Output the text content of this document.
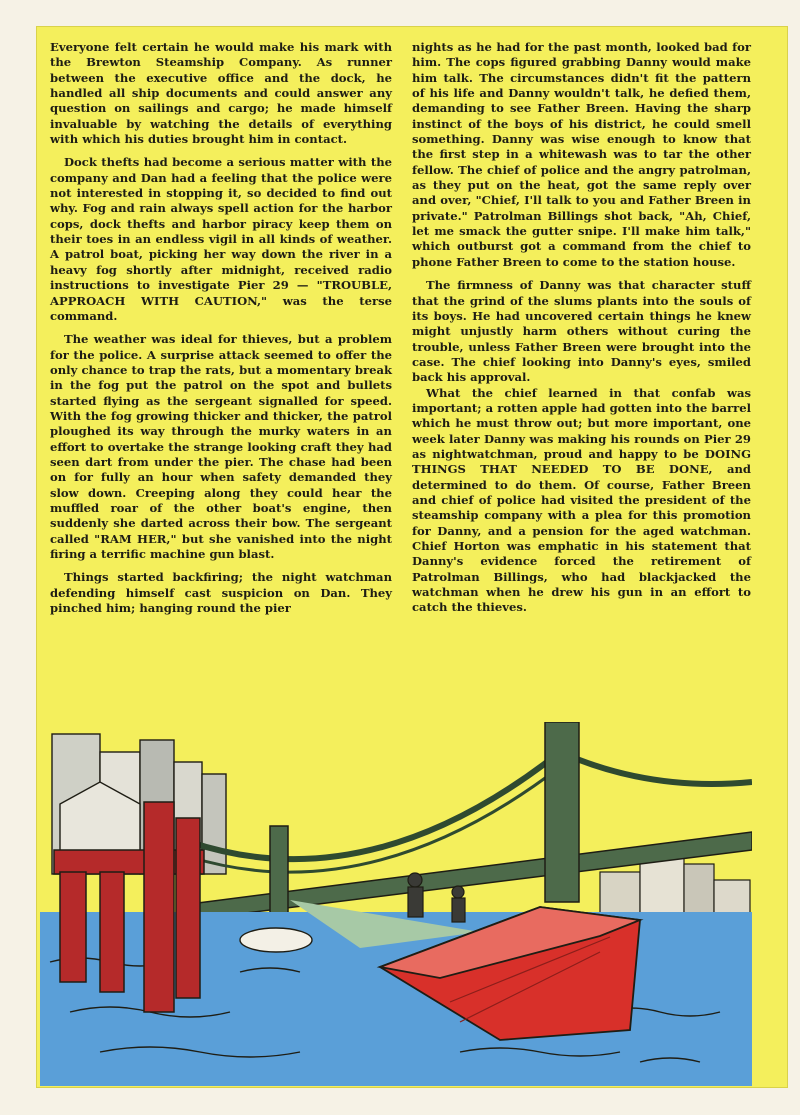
Everyone felt certain he would make his mark with the Brewton Steamship Company. As runner between the executive office and the dock, he handled all ship documents and could answer any question on sailings and cargo; he made himself invaluable by watching the details of everything with which his duties brought him in contact.

Dock thefts had become a serious matter with the company and Dan had a feeling that the police were not interested in stopping it, so decided to find out why. Fog and rain always spell action for the harbor cops, dock thefts and harbor piracy keep them on their toes in an endless vigil in all kinds of weather. A patrol boat, picking her way down the river in a heavy fog shortly after midnight, received radio instructions to investigate Pier 29 — "TROUBLE, APPROACH WITH CAUTION," was the terse command.

The weather was ideal for thieves, but a problem for the police. A surprise attack seemed to offer the only chance to trap the rats, but a momentary break in the fog put the patrol on the spot and bullets started flying as the sergeant signalled for speed. With the fog growing thicker and thicker, the patrol ploughed its way through the murky waters in an effort to overtake the strange looking craft they had seen dart from under the pier. The chase had been on for fully an hour when safety demanded they slow down. Creeping along they could hear the muffled roar of the other boat's engine, then suddenly she darted across their bow. The sergeant called "RAM HER," but she vanished into the night firing a terrific machine gun blast.

Things started backfiring; the night watchman defending himself cast suspicion on Dan. They pinched him; hanging round the pier

nights as he had for the past month, looked bad for him. The cops figured grabbing Danny would make him talk. The circumstances didn't fit the pattern of his life and Danny wouldn't talk, he defied them, demanding to see Father Breen. Having the sharp instinct of the boys of his district, he could smell something. Danny was wise enough to know that the first step in a whitewash was to tar the other fellow. The chief of police and the angry patrolman, as they put on the heat, got the same reply over and over, "Chief, I'll talk to you and Father Breen in private." Patrolman Billings shot back, "Ah, Chief, let me smack the gutter snipe. I'll make him talk," which outburst got a command from the chief to phone Father Breen to come to the station house.

The firmness of Danny was that character stuff that the grind of the slums plants into the souls of its boys. He had uncovered certain things he knew might unjustly harm others without curing the trouble, unless Father Breen were brought into the case. The chief looking into Danny's eyes, smiled back his approval.

What the chief learned in that confab was important; a rotten apple had gotten into the barrel which he must throw out; but more important, one week later Danny was making his rounds on Pier 29 as nightwatchman, proud and happy to be DOING THINGS THAT NEEDED TO BE DONE, and determined to do them. Of course, Father Breen and chief of police had visited the president of the steamship company with a plea for this promotion for Danny, and a pension for the aged watchman. Chief Horton was emphatic in his statement that Danny's evidence forced the retirement of Patrolman Billings, who had blackjacked the watchman when he drew his gun in an effort to catch the thieves.
